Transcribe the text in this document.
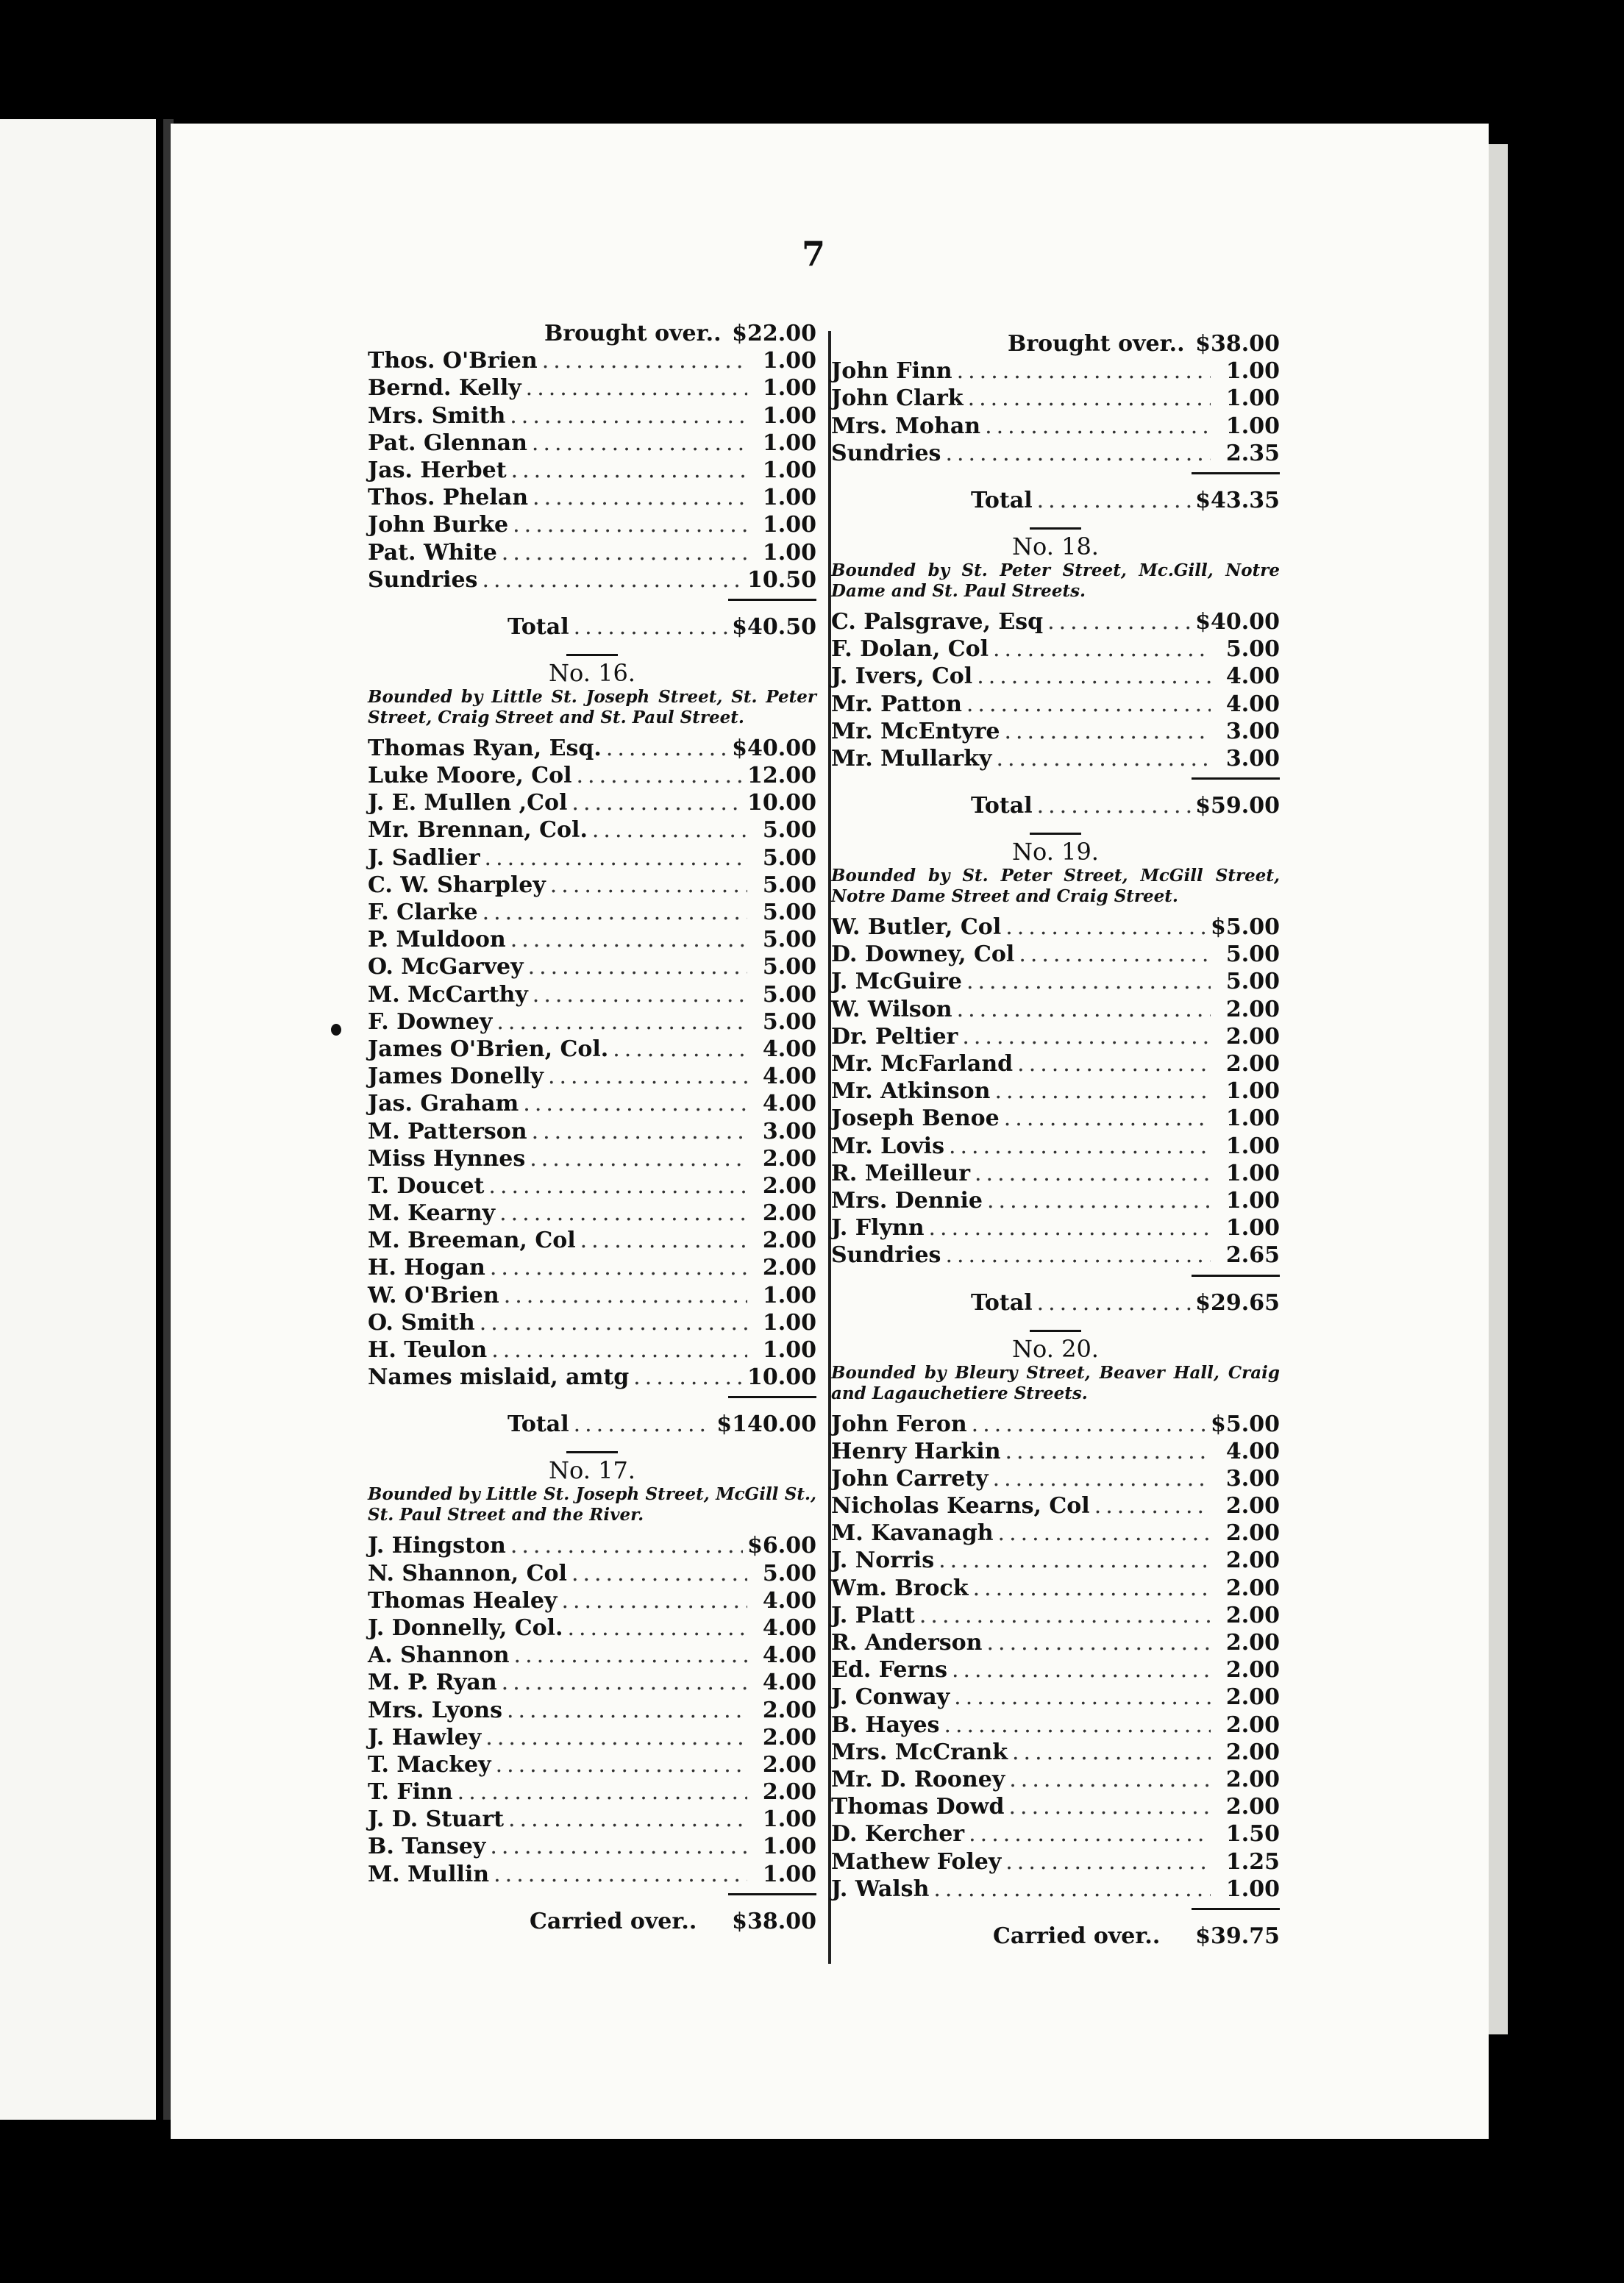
7
Brought over.. $22.00
Thos. O'Brien .....	1.00
Bernd. Kelly .....	1.00
Mrs. Smith .....	1.00
Pat. Glennan .....	1.00
Jas. Herbet .....	1.00
Thos. Phelan .....	1.00
John Burke .....	1.00
Pat. White .....	1.00
Sundries .....	10.50
Total .....	$40.50
No. 16.
Bounded by Little St. Joseph Street, St. Peter Street, Craig Street and St. Paul Street.
Thomas Ryan, Esq. .....	$40.00
Luke Moore, Col .....	12.00
J. E. Mullen ,Col .....	10.00
Mr. Brennan, Col. .....	5.00
J. Sadlier .....	5.00
C. W. Sharpley .....	5.00
F. Clarke .....	5.00
P. Muldoon .....	5.00
O. McGarvey .....	5.00
M. McCarthy .....	5.00
F. Downey .....	5.00
James O'Brien, Col. .....	4.00
James Donelly .....	4.00
Jas. Graham .....	4.00
M. Patterson .....	3.00
Miss Hynnes .....	2.00
T. Doucet .....	2.00
M. Kearny .....	2.00
M. Breeman, Col .....	2.00
H. Hogan .....	2.00
W. O'Brien .....	1.00
O. Smith .....	1.00
H. Teulon .....	1.00
Names mislaid, amtg .....	10.00
Total .....	$140.00
No. 17.
Bounded by Little St. Joseph Street, McGill St., St. Paul Street and the River.
J. Hingston .....	$6.00
N. Shannon, Col .....	5.00
Thomas Healey .....	4.00
J. Donnelly, Col. .....	4.00
A. Shannon .....	4.00
M. P. Ryan .....	4.00
Mrs. Lyons .....	2.00
J. Hawley .....	2.00
T. Mackey .....	2.00
T. Finn .....	2.00
J. D. Stuart .....	1.00
B. Tansey .....	1.00
M. Mullin .....	1.00
Carried over.. $38.00
Brought over.. $38.00
John Finn .....	1.00
John Clark .....	1.00
Mrs. Mohan .....	1.00
Sundries .....	2.35
Total .....	$43.35
No. 18.
Bounded by St. Peter Street, Mc.Gill, Notre Dame and St. Paul Streets.
C. Palsgrave, Esq .....	$40.00
F. Dolan, Col .....	5.00
J. Ivers, Col .....	4.00
Mr. Patton .....	4.00
Mr. McEntyre .....	3.00
Mr. Mullarky .....	3.00
Total .....	$59.00
No. 19.
Bounded by St. Peter Street, McGill Street, Notre Dame Street and Craig Street.
W. Butler, Col .....	$5.00
D. Downey, Col .....	5.00
J. McGuire .....	5.00
W. Wilson .....	2.00
Dr. Peltier .....	2.00
Mr. McFarland .....	2.00
Mr. Atkinson .....	1.00
Joseph Benoe .....	1.00
Mr. Lovis .....	1.00
R. Meilleur .....	1.00
Mrs. Dennie .....	1.00
J. Flynn .....	1.00
Sundries .....	2.65
Total .....	$29.65
No. 20.
Bounded by Bleury Street, Beaver Hall, Craig and Lagauchetiere Streets.
John Feron .....	$5.00
Henry Harkin .....	4.00
John Carrety .....	3.00
Nicholas Kearns, Col .....	2.00
M. Kavanagh .....	2.00
J. Norris .....	2.00
Wm. Brock .....	2.00
J. Platt .....	2.00
R. Anderson .....	2.00
Ed. Ferns .....	2.00
J. Conway .....	2.00
B. Hayes .....	2.00
Mrs. McCrank .....	2.00
Mr. D. Rooney .....	2.00
Thomas Dowd .....	2.00
D. Kercher .....	1.50
Mathew Foley .....	1.25
J. Walsh .....	1.00
Carried over.. $39.75
